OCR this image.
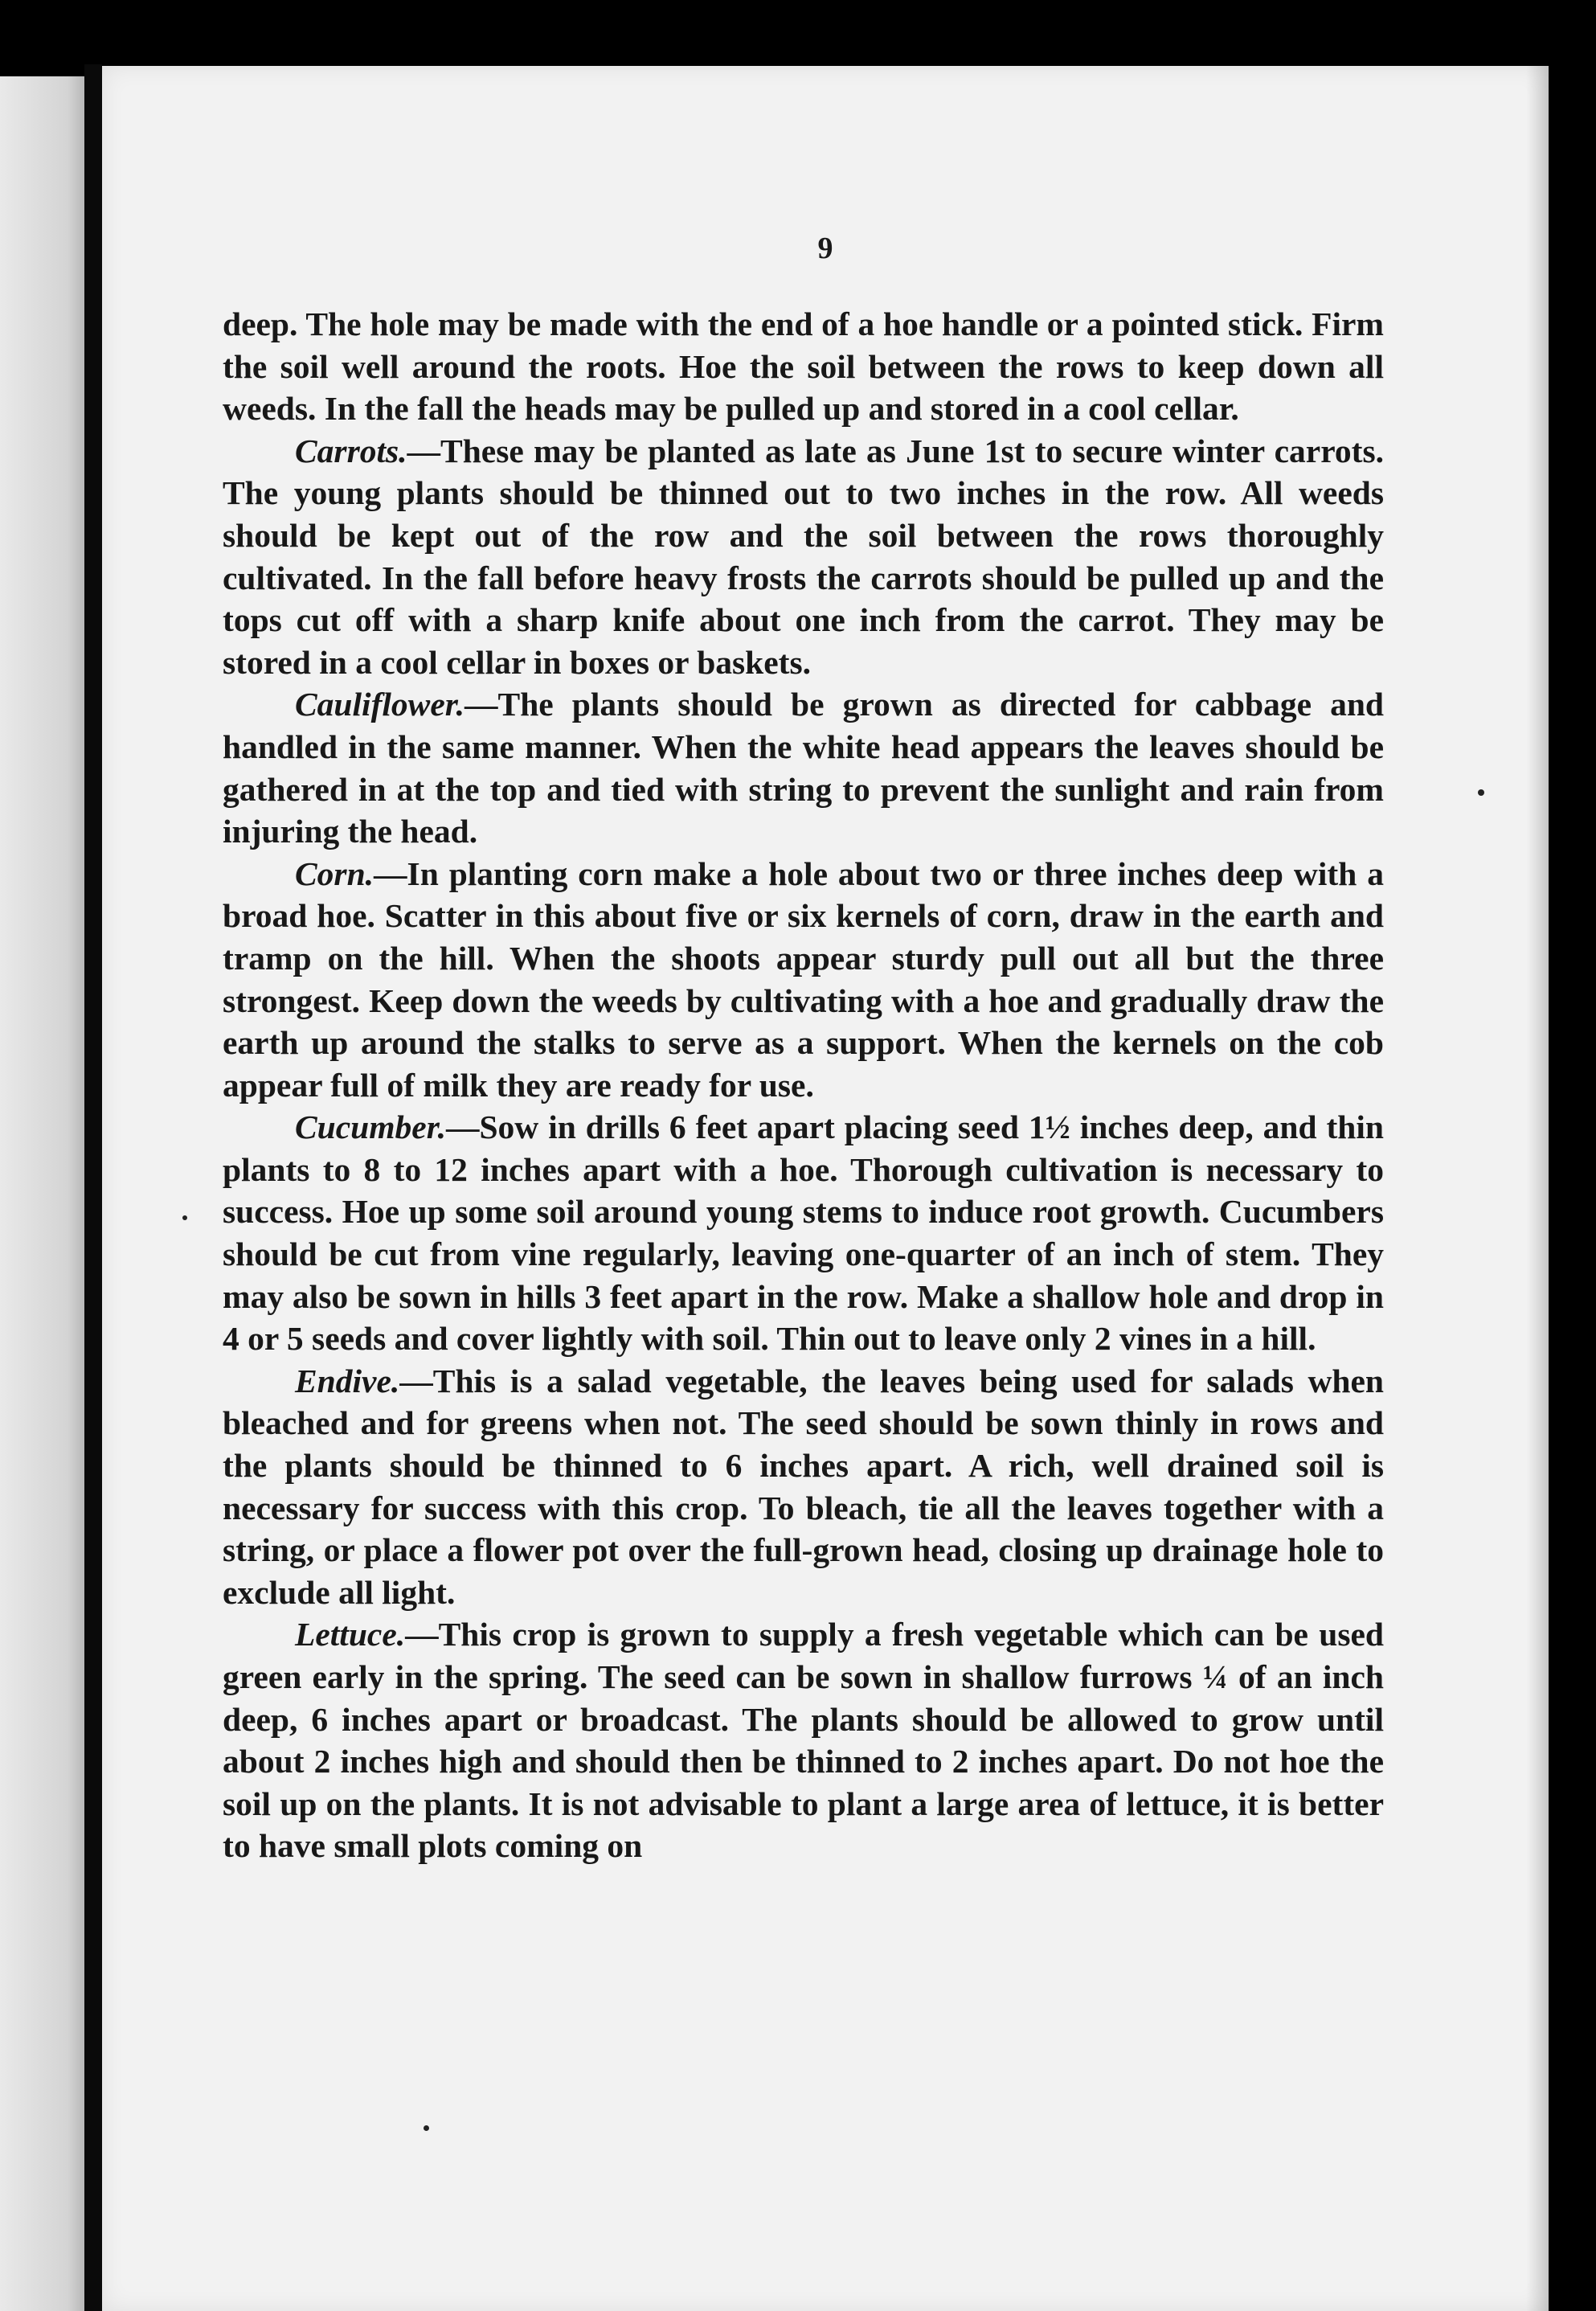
9

deep. The hole may be made with the end of a hoe handle or a pointed stick. Firm the soil well around the roots. Hoe the soil between the rows to keep down all weeds. In the fall the heads may be pulled up and stored in a cool cellar.

Carrots.—These may be planted as late as June 1st to secure winter carrots. The young plants should be thinned out to two inches in the row. All weeds should be kept out of the row and the soil between the rows thoroughly cultivated. In the fall before heavy frosts the carrots should be pulled up and the tops cut off with a sharp knife about one inch from the carrot. They may be stored in a cool cellar in boxes or baskets.

Cauliflower.—The plants should be grown as directed for cabbage and handled in the same manner. When the white head appears the leaves should be gathered in at the top and tied with string to prevent the sunlight and rain from injuring the head.

Corn.—In planting corn make a hole about two or three inches deep with a broad hoe. Scatter in this about five or six kernels of corn, draw in the earth and tramp on the hill. When the shoots appear sturdy pull out all but the three strongest. Keep down the weeds by cultivating with a hoe and gradually draw the earth up around the stalks to serve as a support. When the kernels on the cob appear full of milk they are ready for use.

Cucumber.—Sow in drills 6 feet apart placing seed 1½ inches deep, and thin plants to 8 to 12 inches apart with a hoe. Thorough cultivation is necessary to success. Hoe up some soil around young stems to induce root growth. Cucumbers should be cut from vine regularly, leaving one-quarter of an inch of stem. They may also be sown in hills 3 feet apart in the row. Make a shallow hole and drop in 4 or 5 seeds and cover lightly with soil. Thin out to leave only 2 vines in a hill.

Endive.—This is a salad vegetable, the leaves being used for salads when bleached and for greens when not. The seed should be sown thinly in rows and the plants should be thinned to 6 inches apart. A rich, well drained soil is necessary for success with this crop. To bleach, tie all the leaves together with a string, or place a flower pot over the full-grown head, closing up drainage hole to exclude all light.

Lettuce.—This crop is grown to supply a fresh vegetable which can be used green early in the spring. The seed can be sown in shallow furrows ¼ of an inch deep, 6 inches apart or broadcast. The plants should be allowed to grow until about 2 inches high and should then be thinned to 2 inches apart. Do not hoe the soil up on the plants. It is not advisable to plant a large area of lettuce, it is better to have small plots coming on
